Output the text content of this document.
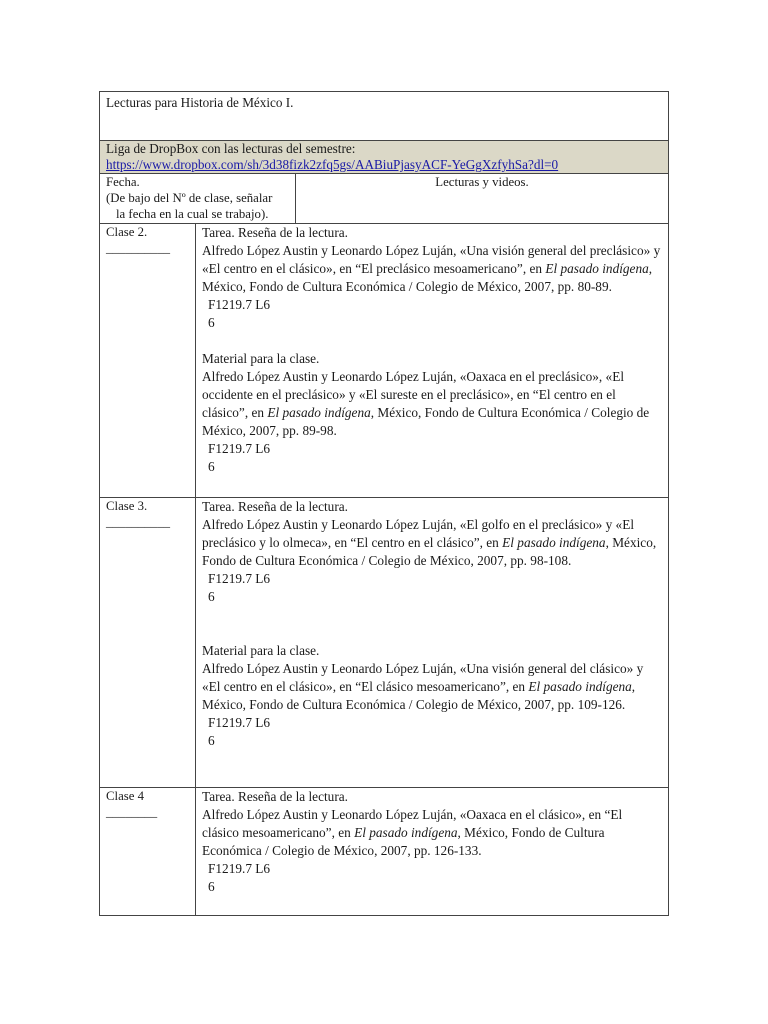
Lecturas para Historia de México I.
Liga de DropBox con las lecturas del semestre:
https://www.dropbox.com/sh/3d38fizk2zfq5gs/AABiuPjasyACF-YeGgXzfyhSa?dl=0
Fecha.
(De bajo del Nº de clase, señalar
la fecha en la cual se trabajo).
Lecturas y videos.
Clase 2.
__________
Tarea. Reseña de la lectura.
Alfredo López Austin y Leonardo López Luján, «Una visión general del preclásico» y «El centro en el clásico», en “El preclásico mesoamericano”, en El pasado indígena, México, Fondo de Cultura Económica / Colegio de México, 2007, pp. 80-89.
F1219.7 L6
6
Material para la clase.
Alfredo López Austin y Leonardo López Luján, «Oaxaca en el preclásico», «El occidente en el preclásico» y «El sureste en el preclásico», en “El centro en el clásico”, en El pasado indígena, México, Fondo de Cultura Económica / Colegio de México, 2007, pp. 89-98.
F1219.7 L6
6
Clase 3.
__________
Tarea. Reseña de la lectura.
Alfredo López Austin y Leonardo López Luján, «El golfo en el preclásico» y «El preclásico y lo olmeca», en “El centro en el clásico”, en El pasado indígena, México, Fondo de Cultura Económica / Colegio de México, 2007, pp. 98-108.
F1219.7 L6
6
Material para la clase.
Alfredo López Austin y Leonardo López Luján, «Una visión general del clásico» y «El centro en el clásico», en “El clásico mesoamericano”, en El pasado indígena, México, Fondo de Cultura Económica / Colegio de México, 2007, pp. 109-126.
F1219.7 L6
6
Clase 4
________
Tarea. Reseña de la lectura.
Alfredo López Austin y Leonardo López Luján, «Oaxaca en el clásico», en “El clásico mesoamericano”, en El pasado indígena, México, Fondo de Cultura Económica / Colegio de México, 2007, pp. 126-133.
F1219.7 L6
6
